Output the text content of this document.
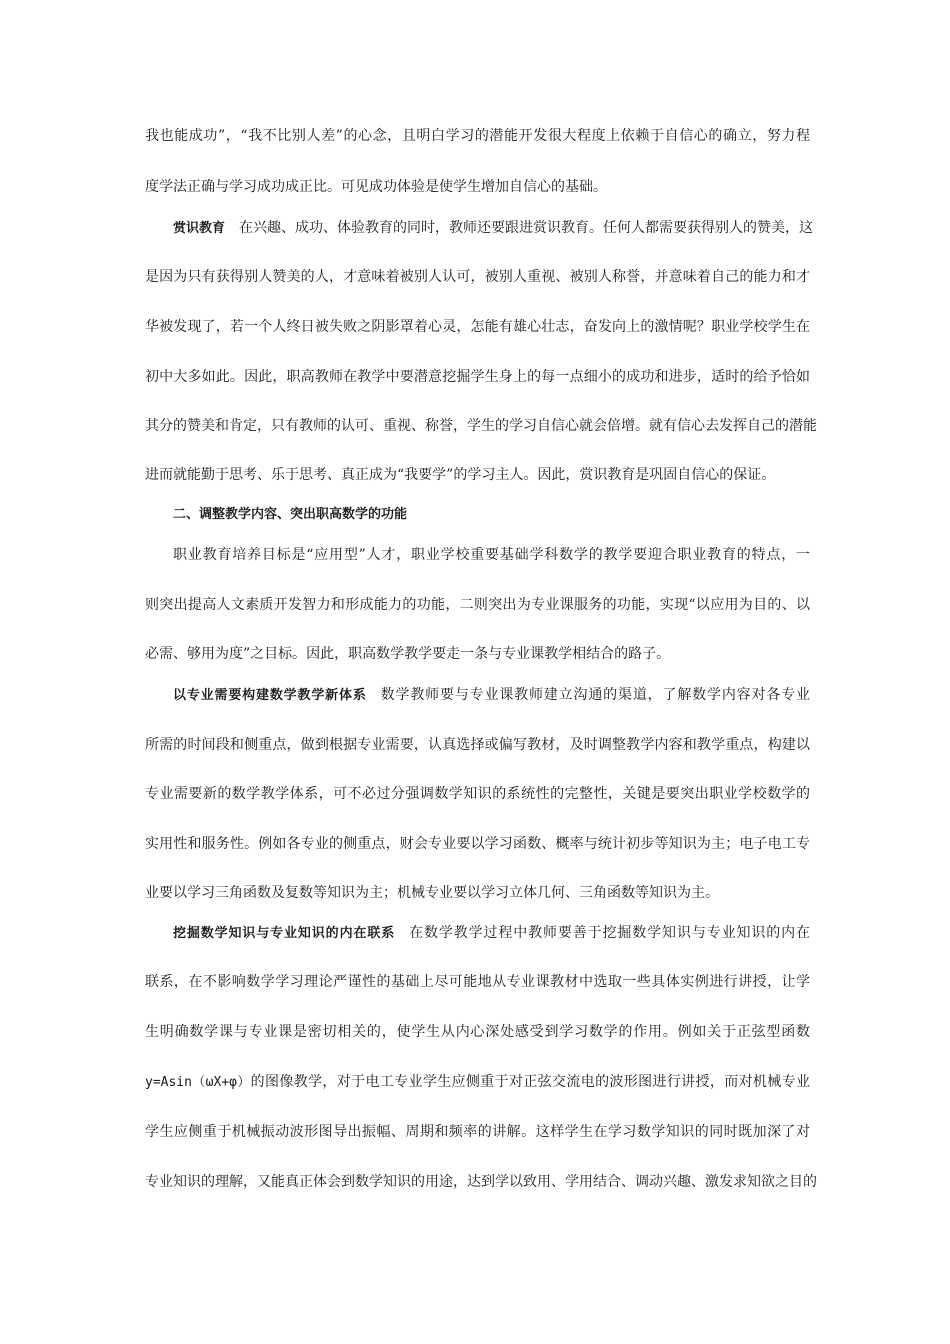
我也能成功”，“我不比别人差”的心念，且明白学习的潜能开发很大程度上依赖于自信心的确立，努力程
度学法正确与学习成功成正比。可见成功体验是使学生增加自信心的基础。
赏识教育 在兴趣、成功、体验教育的同时，教师还要跟进赏识教育。任何人都需要获得别人的赞美，这
是因为只有获得别人赞美的人，才意味着被别人认可，被别人重视、被别人称誉，并意味着自己的能力和才
华被发现了，若一个人终日被失败之阴影罩着心灵，怎能有雄心壮志，奋发向上的激情呢？职业学校学生在
初中大多如此。因此，职高教师在教学中要潜意挖掘学生身上的每一点细小的成功和进步，适时的给予恰如
其分的赞美和肯定，只有教师的认可、重视、称誉，学生的学习自信心就会倍增。就有信心去发挥自己的潜能
进而就能勤于思考、乐于思考、真正成为“我要学”的学习主人。因此，赏识教育是巩固自信心的保证。
二、调整教学内容、突出职高数学的功能
职业教育培养目标是“应用型”人才，职业学校重要基础学科数学的教学要迎合职业教育的特点，一
则突出提高人文素质开发智力和形成能力的功能，二则突出为专业课服务的功能，实现“以应用为目的、以
必需、够用为度”之目标。因此，职高数学教学要走一条与专业课教学相结合的路子。
以专业需要构建数学教学新体系 数学教师要与专业课教师建立沟通的渠道，了解数学内容对各专业
所需的时间段和侧重点，做到根据专业需要，认真选择或偏写教材，及时调整教学内容和教学重点，构建以
专业需要新的数学教学体系，可不必过分强调数学知识的系统性的完整性，关键是要突出职业学校数学的
实用性和服务性。例如各专业的侧重点，财会专业要以学习函数、概率与统计初步等知识为主；电子电工专
业要以学习三角函数及复数等知识为主；机械专业要以学习立体几何、三角函数等知识为主。
挖掘数学知识与专业知识的内在联系 在数学教学过程中教师要善于挖掘数学知识与专业知识的内在
联系，在不影响数学学习理论严谨性的基础上尽可能地从专业课教材中选取一些具体实例进行讲授，让学
生明确数学课与专业课是密切相关的，使学生从内心深处感受到学习数学的作用。例如关于正弦型函数
y=Asin（ωX+φ）的图像教学，对于电工专业学生应侧重于对正弦交流电的波形图进行讲授，而对机械专业
学生应侧重于机械振动波形图导出振幅、周期和频率的讲解。这样学生在学习数学知识的同时既加深了对
专业知识的理解，又能真正体会到数学知识的用途，达到学以致用、学用结合、调动兴趣、激发求知欲之目的
